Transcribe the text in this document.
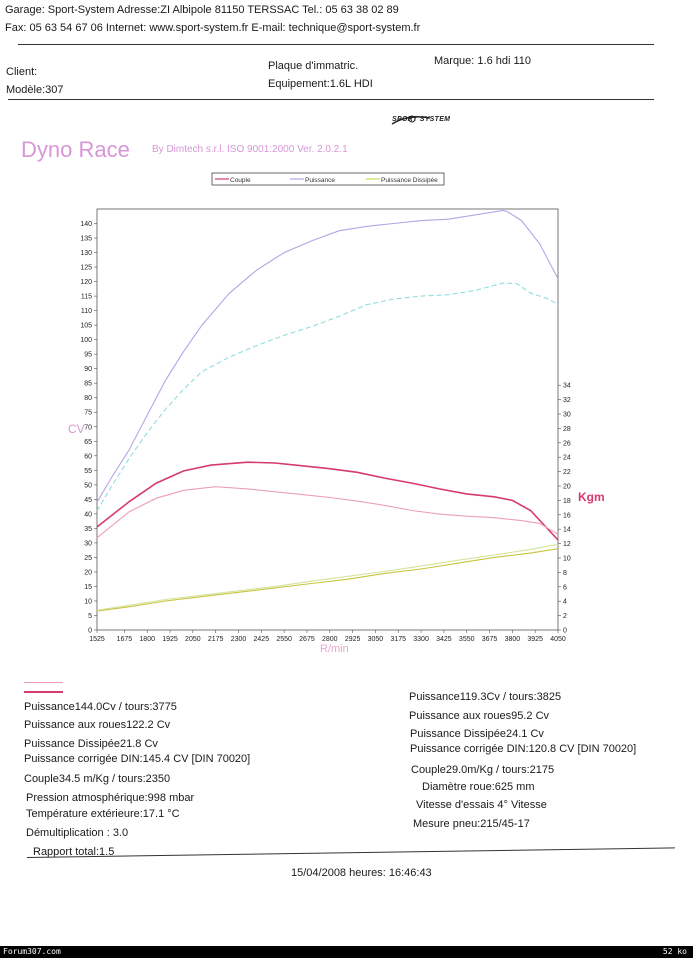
Garage: Sport-System Adresse:ZI Albipole 81150 TERSSAC Tel.: 05 63 38 02 89
Fax: 05 63 54 67 06 Internet: www.sport-system.fr E-mail: technique@sport-system.fr
Client:
Modèle:307
Plaque d'immatric.
Equipement:1.6L HDI
Marque: 1.6 hdi 110
SPORT SYSTEM
Dyno Race By Dimtech s.r.l. ISO 9001:2000 Ver. 2.0.2.1
Couple	Puissance	Puissance Dissipée
1525 1675 1800 1925 2050 2175 2300 2425 2550 2675 2800 2925 3050 3175 3300 3425 3550 3675 3800 3925 4050
0
5
10
15
20
25
30
35
40
45
50
55
60
65
70
75
80
85
90
95
100
105
110
115
120
125
130
135
140
0
2
4
6
8
10
12
14
16
18
20
22
24
26
28
30
32
34
CV
Kgm
R/min
Puissance144.0Cv / tours:3775
Puissance aux roues122.2 Cv
Puissance Dissipée21.8 Cv
Puissance corrigée DIN:145.4 CV [DIN 70020]
Couple34.5 m/Kg / tours:2350
Pression atmosphérique:998 mbar
Température extérieure:17.1 °C
Démultiplication : 3.0
Rapport total:1.5
Puissance119.3Cv / tours:3825
Puissance aux roues95.2 Cv
Puissance Dissipée24.1 Cv
Puissance corrigée DIN:120.8 CV [DIN 70020]
Couple29.0m/Kg / tours:2175
Diamètre roue:625 mm
Vitesse d'essais 4° Vitesse
Mesure pneu:215/45-17
15/04/2008 heures: 16:46:43
Forum307.com	52 ko
